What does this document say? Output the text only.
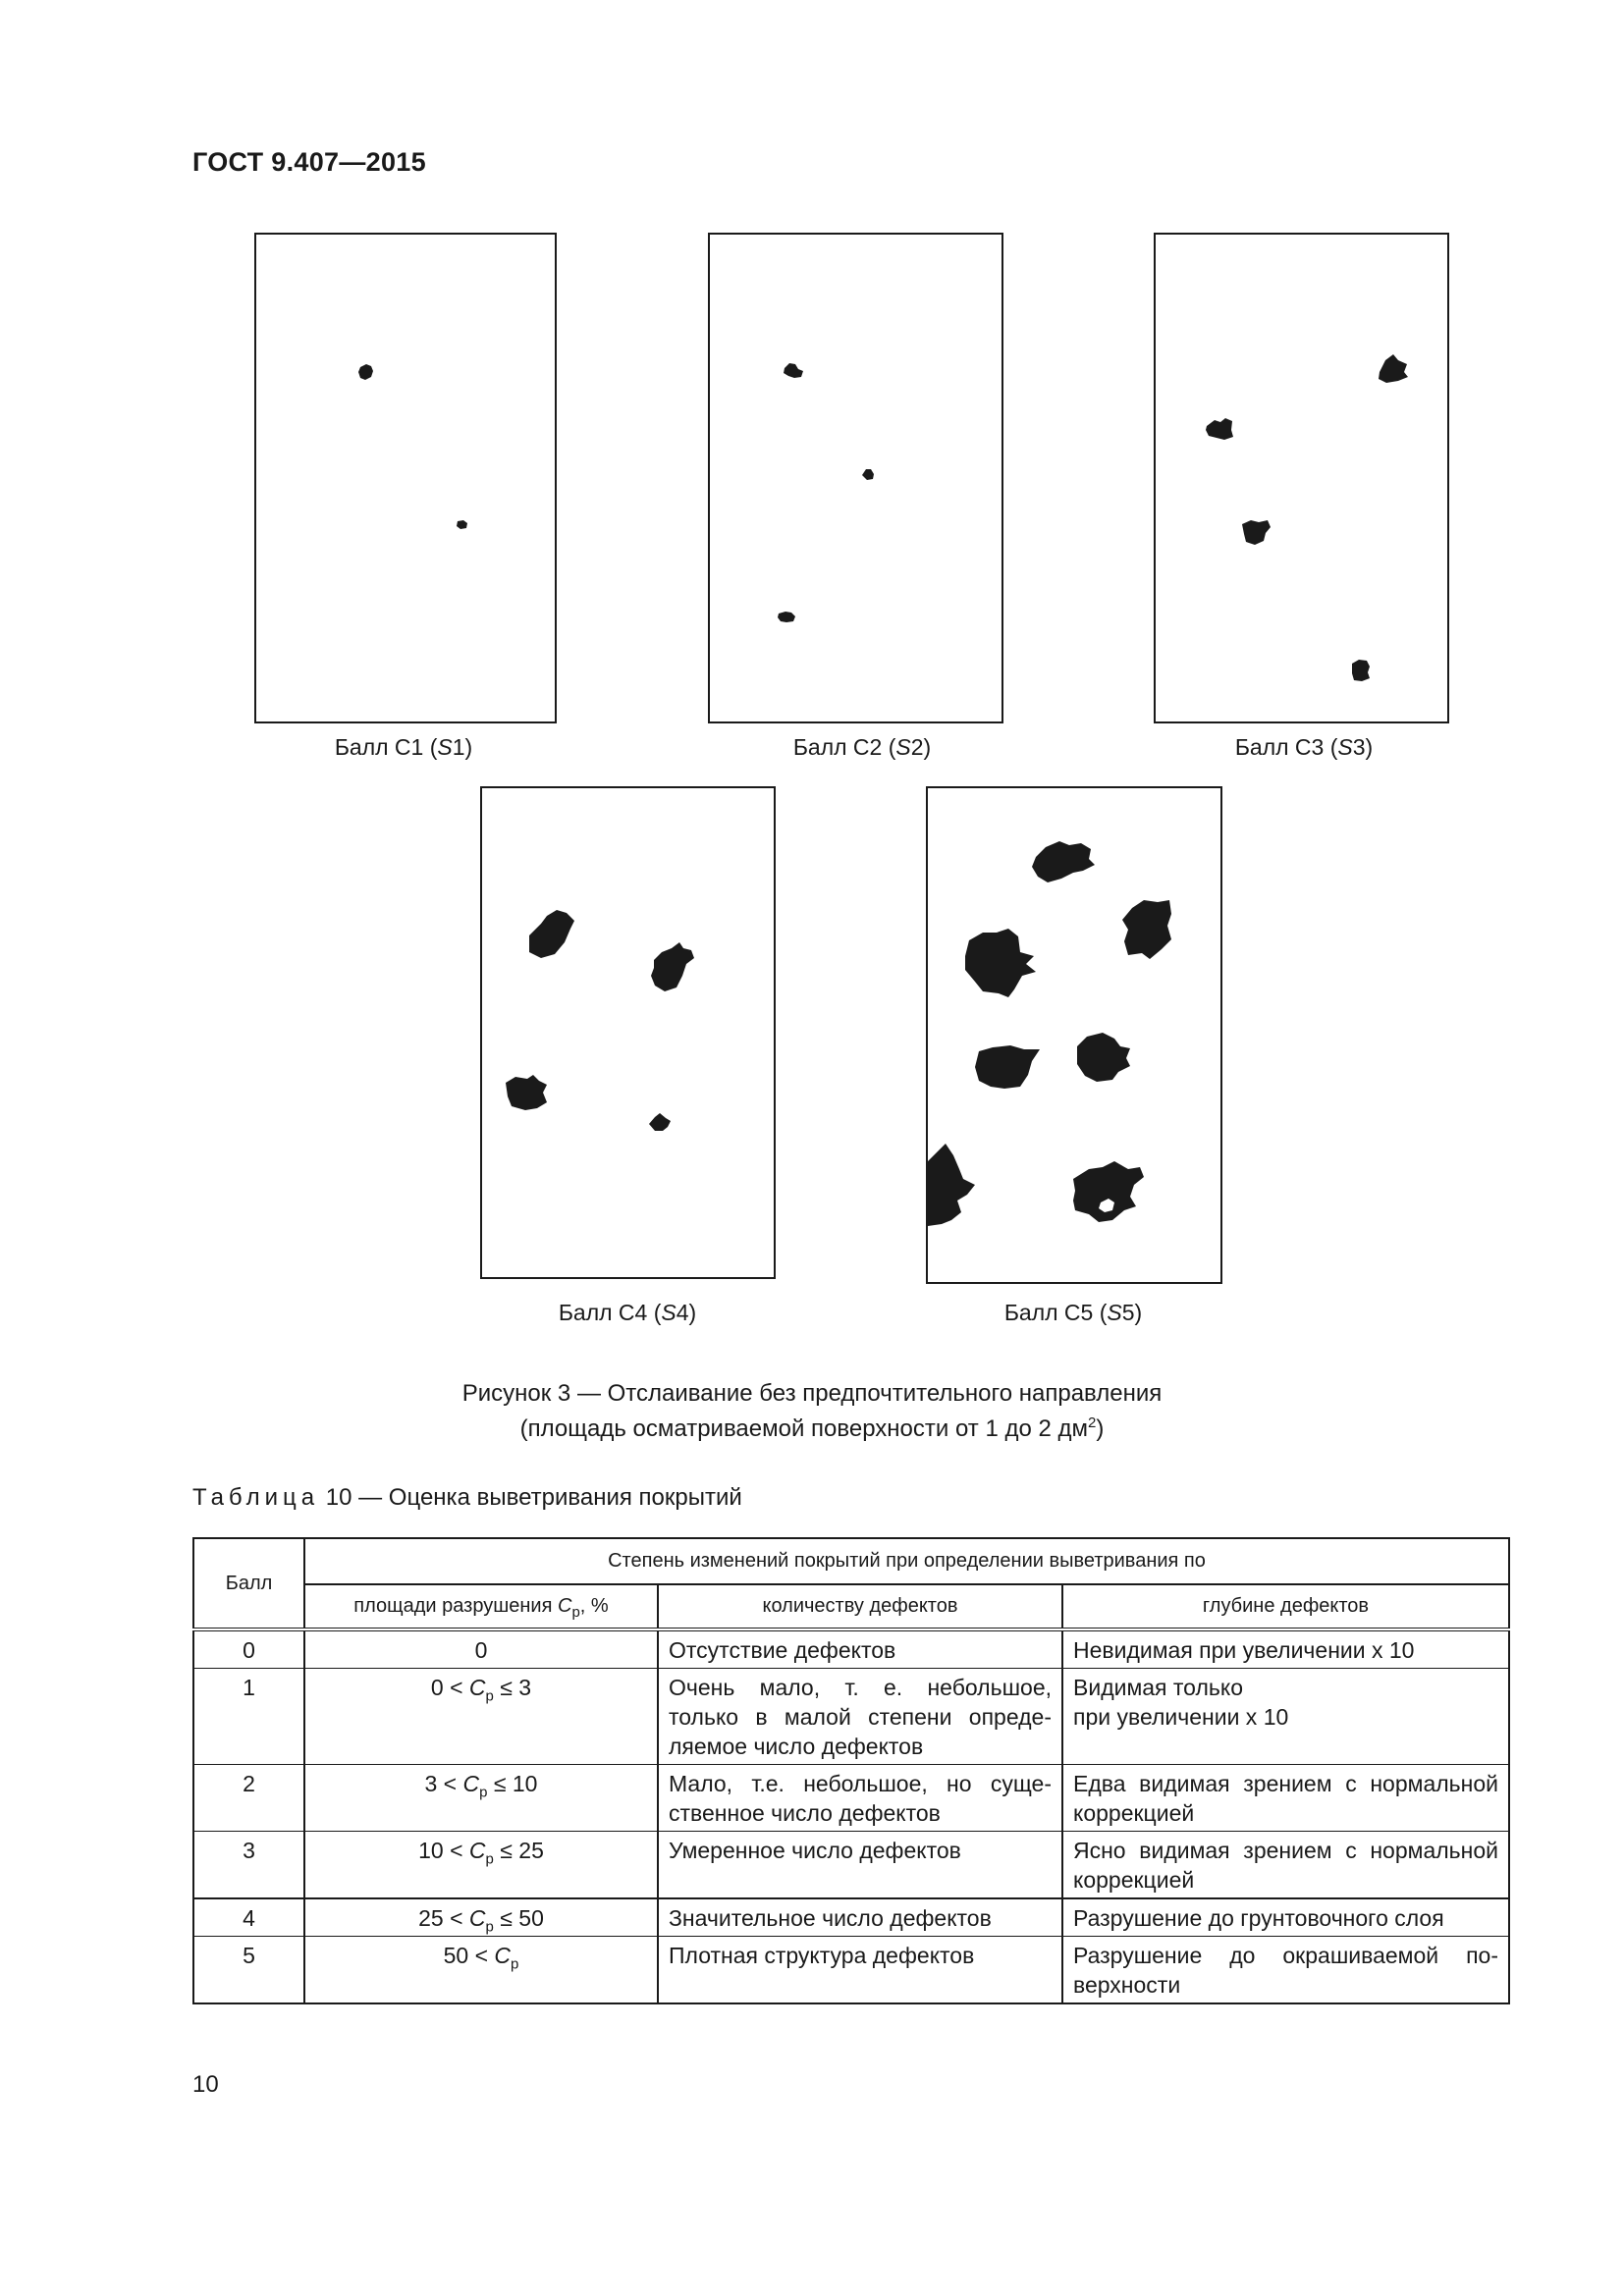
ГОСТ 9.407—2015
Балл С1 (S1)	Балл С2 (S2)	Балл С3 (S3)
Балл С4 (S4)	Балл С5 (S5)
Рисунок 3 — Отслаивание без предпочтительного направления
(площадь осматриваемой поверхности от 1 до 2 $дм^2$)
Таблица 10 — Оценка выветривания покрытий
Балл	Степень изменений покрытий при определении выветривания по		
	площади разрушения $C_р$, %	количеству дефектов	глубине дефектов
0	0	Отсутствие дефектов	Невидимая при увеличении х 10
1	$0 < C_р \le 3$	Очень мало, т. е. небольшое, только в малой степени определяемое число дефектов	Видимая только
при увеличении х 10
2	$3 < C_р \le 10$	Мало, т.е. небольшое, но существенное число дефектов	Едва видимая зрением с нормальной коррекцией
3	$10 < C_р \le 25$	Умеренное число дефектов	Ясно видимая зрением с нормальной коррекцией
4	$25 < C_р \le 50$	Значительное число дефектов	Разрушение до грунтовочного слоя
5	$50 < C_р$	Плотная структура дефектов	Разрушение до окрашиваемой поверхности
10
